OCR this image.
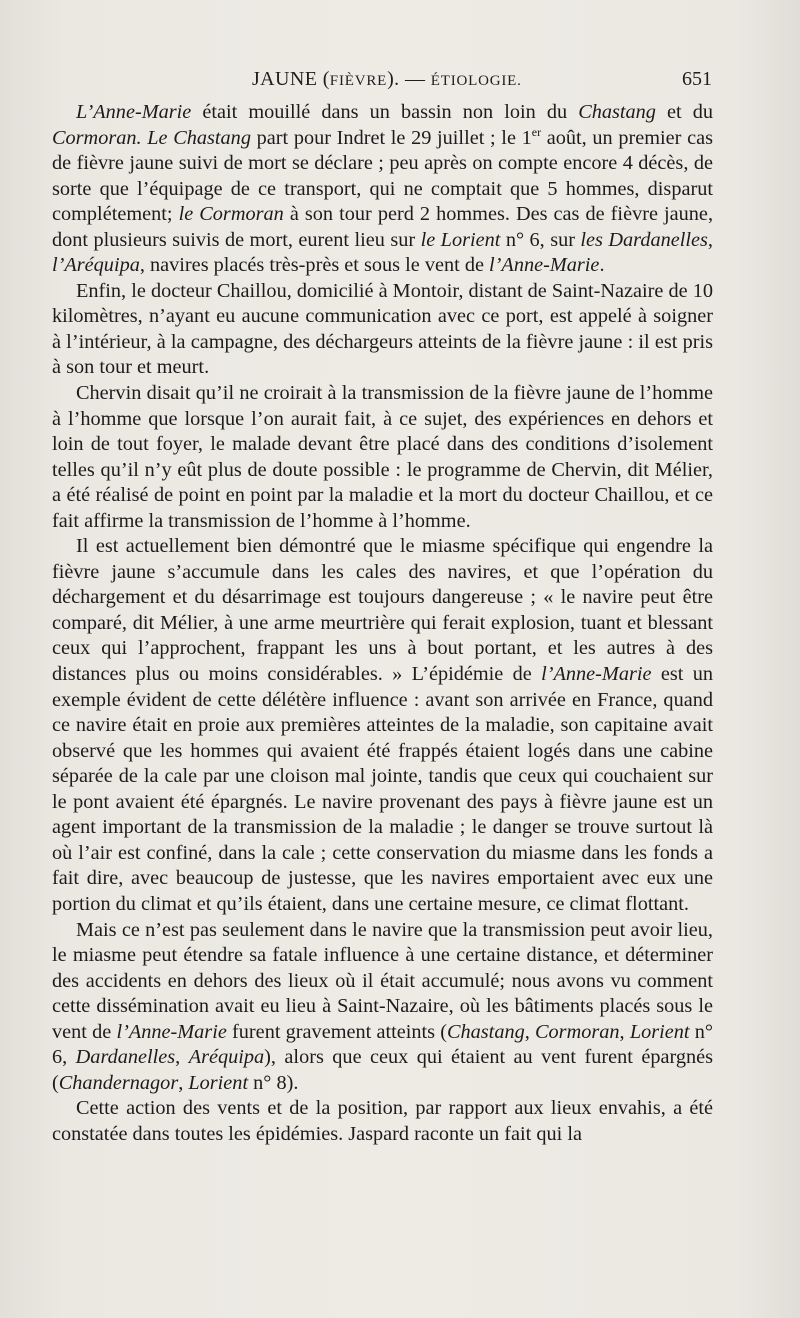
JAUNE (FIÈVRE). — ÉTIOLOGIE.	651

L’Anne-Marie était mouillé dans un bassin non loin du Chastang et du Cormoran. Le Chastang part pour Indret le 29 juillet ; le 1er août, un premier cas de fièvre jaune suivi de mort se déclare ; peu après on compte encore 4 décès, de sorte que l’équipage de ce transport, qui ne comptait que 5 hommes, disparut complétement; le Cormoran à son tour perd 2 hommes. Des cas de fièvre jaune, dont plusieurs suivis de mort, eurent lieu sur le Lorient n° 6, sur les Dardanelles, l’Aréquipa, navires placés très-près et sous le vent de l’Anne-Marie.

Enfin, le docteur Chaillou, domicilié à Montoir, distant de Saint-Nazaire de 10 kilomètres, n’ayant eu aucune communication avec ce port, est appelé à soigner à l’intérieur, à la campagne, des déchargeurs atteints de la fièvre jaune : il est pris à son tour et meurt.

Chervin disait qu’il ne croirait à la transmission de la fièvre jaune de l’homme à l’homme que lorsque l’on aurait fait, à ce sujet, des expériences en dehors et loin de tout foyer, le malade devant être placé dans des conditions d’isolement telles qu’il n’y eût plus de doute possible : le programme de Chervin, dit Mélier, a été réalisé de point en point par la maladie et la mort du docteur Chaillou, et ce fait affirme la transmission de l’homme à l’homme.

Il est actuellement bien démontré que le miasme spécifique qui engendre la fièvre jaune s’accumule dans les cales des navires, et que l’opération du déchargement et du désarrimage est toujours dangereuse ; « le navire peut être comparé, dit Mélier, à une arme meurtrière qui ferait explosion, tuant et blessant ceux qui l’approchent, frappant les uns à bout portant, et les autres à des distances plus ou moins considérables. » L’épidémie de l’Anne-Marie est un exemple évident de cette délétère influence : avant son arrivée en France, quand ce navire était en proie aux premières atteintes de la maladie, son capitaine avait observé que les hommes qui avaient été frappés étaient logés dans une cabine séparée de la cale par une cloison mal jointe, tandis que ceux qui couchaient sur le pont avaient été épargnés. Le navire provenant des pays à fièvre jaune est un agent important de la transmission de la maladie ; le danger se trouve surtout là où l’air est confiné, dans la cale ; cette conservation du miasme dans les fonds a fait dire, avec beaucoup de justesse, que les navires emportaient avec eux une portion du climat et qu’ils étaient, dans une certaine mesure, ce climat flottant.

Mais ce n’est pas seulement dans le navire que la transmission peut avoir lieu, le miasme peut étendre sa fatale influence à une certaine distance, et déterminer des accidents en dehors des lieux où il était accumulé; nous avons vu comment cette dissémination avait eu lieu à Saint-Nazaire, où les bâtiments placés sous le vent de l’Anne-Marie furent gravement atteints (Chastang, Cormoran, Lorient n° 6, Dardanelles, Aréquipa), alors que ceux qui étaient au vent furent épargnés (Chandernagor, Lorient n° 8).

Cette action des vents et de la position, par rapport aux lieux envahis, a été constatée dans toutes les épidémies. Jaspard raconte un fait qui la
